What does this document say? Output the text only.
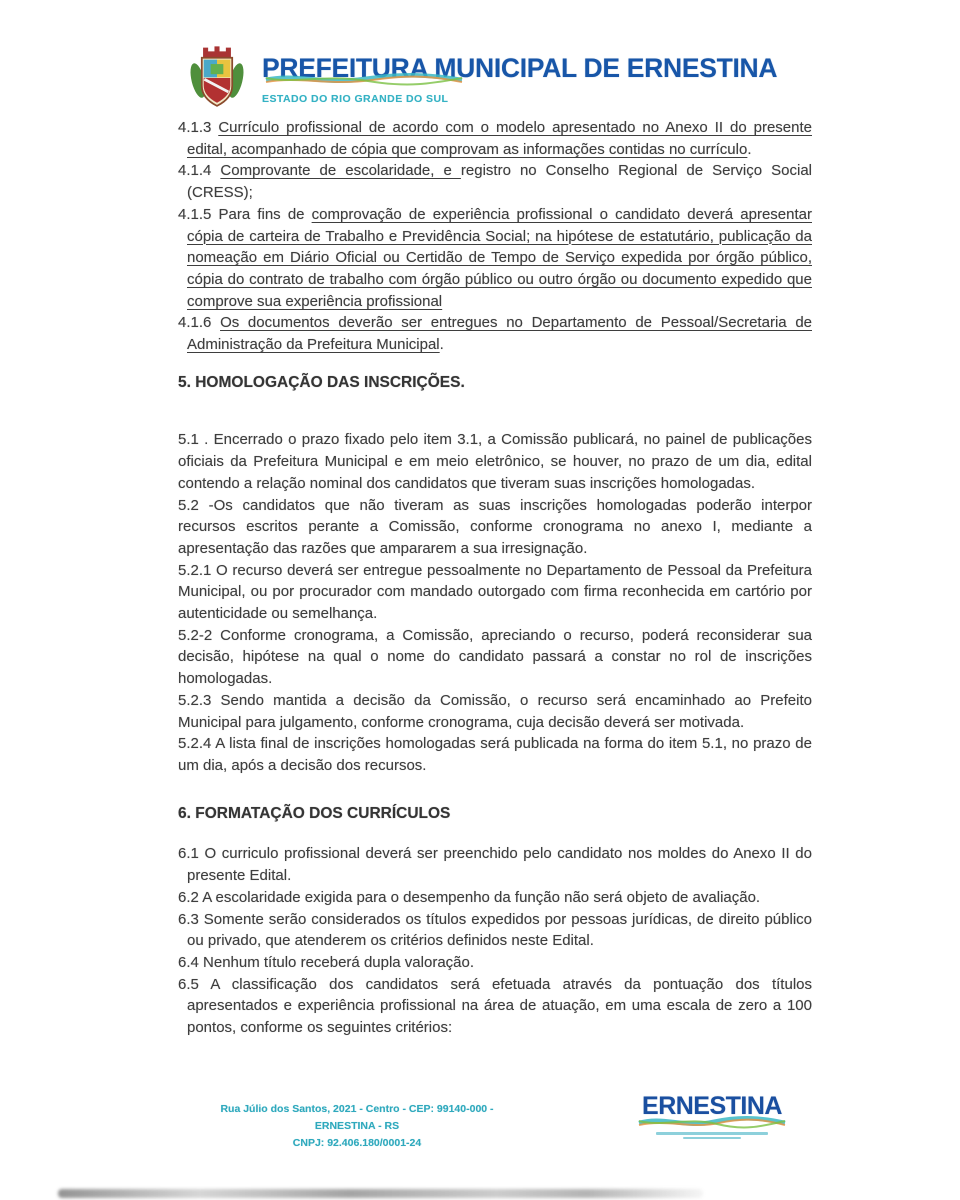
PREFEITURA MUNICIPAL DE ERNESTINA
ESTADO DO RIO GRANDE DO SUL

4.1.3 Currículo profissional de acordo com o modelo apresentado no Anexo II do presente edital, acompanhado de cópia que comprovam as informações contidas no currículo.

4.1.4 Comprovante de escolaridade, e registro no Conselho Regional de Serviço Social (CRESS);

4.1.5 Para fins de comprovação de experiência profissional o candidato deverá apresentar cópia de carteira de Trabalho e Previdência Social; na hipótese de estatutário, publicação da nomeação em Diário Oficial ou Certidão de Tempo de Serviço expedida por órgão público, cópia do contrato de trabalho com órgão público ou outro órgão ou documento expedido que comprove sua experiência profissional

4.1.6 Os documentos deverão ser entregues no Departamento de Pessoal/Secretaria de Administração da Prefeitura Municipal.

5. HOMOLOGAÇÃO DAS INSCRIÇÕES.

5.1 . Encerrado o prazo fixado pelo item 3.1, a Comissão publicará, no painel de publicações oficiais da Prefeitura Municipal e em meio eletrônico, se houver, no prazo de um dia, edital contendo a relação nominal dos candidatos que tiveram suas inscrições homologadas.

5.2 -Os candidatos que não tiveram as suas inscrições homologadas poderão interpor recursos escritos perante a Comissão, conforme cronograma no anexo I, mediante a apresentação das razões que ampararem a sua irresignação.

5.2.1 O recurso deverá ser entregue pessoalmente no Departamento de Pessoal da Prefeitura Municipal, ou por procurador com mandado outorgado com firma reconhecida em cartório por autenticidade ou semelhança.

5.2-2 Conforme cronograma, a Comissão, apreciando o recurso, poderá reconsiderar sua decisão, hipótese na qual o nome do candidato passará a constar no rol de inscrições homologadas.

5.2.3 Sendo mantida a decisão da Comissão, o recurso será encaminhado ao Prefeito Municipal para julgamento, conforme cronograma, cuja decisão deverá ser motivada.

5.2.4 A lista final de inscrições homologadas será publicada na forma do item 5.1, no prazo de um dia, após a decisão dos recursos.

6. FORMATAÇÃO DOS CURRÍCULOS

6.1 O curriculo profissional deverá ser preenchido pelo candidato nos moldes do Anexo II do presente Edital.

6.2 A escolaridade exigida para o desempenho da função não será objeto de avaliação.

6.3 Somente serão considerados os títulos expedidos por pessoas jurídicas, de direito público ou privado, que atenderem os critérios definidos neste Edital.

6.4 Nenhum título receberá dupla valoração.

6.5 A classificação dos candidatos será efetuada através da pontuação dos títulos apresentados e experiência profissional na área de atuação, em uma escala de zero a 100 pontos, conforme os seguintes critérios:

Rua Júlio dos Santos, 2021 - Centro - CEP: 99140-000 - ERNESTINA - RS
CNPJ: 92.406.180/0001-24
ERNESTINA
